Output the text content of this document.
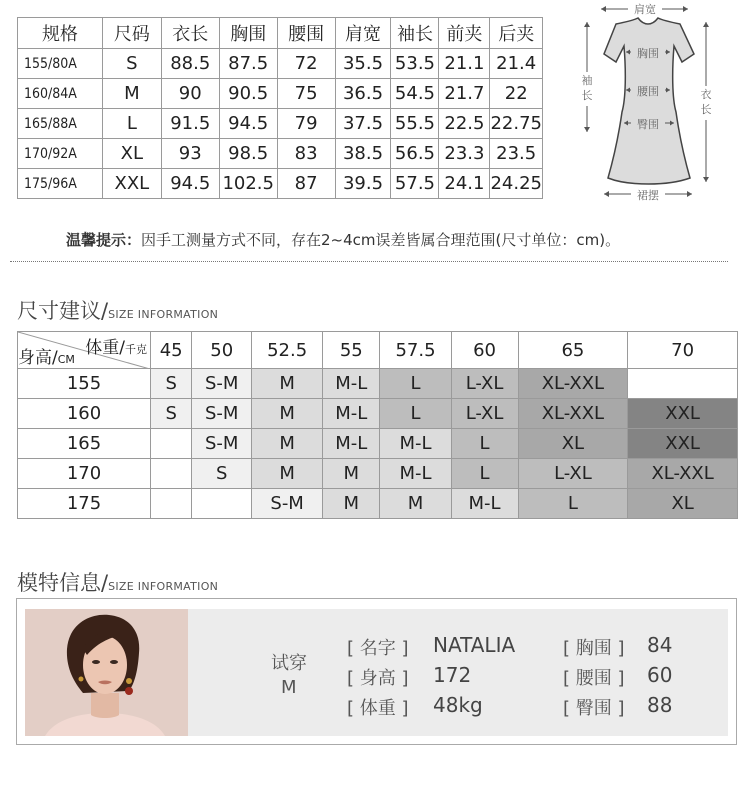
规格	尺码	衣长	胸围	腰围	肩宽	袖长	前夹	后夹
155/80A	S	88.5	87.5	72	35.5	53.5	21.1	21.4
160/84A	M	90	90.5	75	36.5	54.5	21.7	22
165/88A	L	91.5	94.5	79	37.5	55.5	22.5	22.75
170/92A	XL	93	98.5	83	38.5	56.5	23.3	23.5
175/96A	XXL	94.5	102.5	87	39.5	57.5	24.1	24.25
肩宽
胸围
腰围
臀围
袖
长	衣
长
裙摆
温馨提示：因手工测量方式不同，存在2~4cm误差皆属合理范围(尺寸单位：cm)。
尺寸建议/SIZE INFORMATION
体重/千克
身高/CM	45	50	52.5	55	57.5	60	65	70
155	S	S-M	M	M-L	L	L-XL	XL-XXL	
160	S	S-M	M	M-L	L	L-XL	XL-XXL	XXL
165		S-M	M	M-L	M-L	L	XL	XXL
170		S	M	M	M-L	L	L-XL	XL-XXL
175			S-M	M	M	M-L	L	XL
模特信息/SIZE INFORMATION
试穿
M
[ 名字 ] NATALIA
[ 身高 ] 172
[ 体重 ] 48kg
[ 胸围 ] 84
[ 腰围 ] 60
[ 臀围 ] 88
